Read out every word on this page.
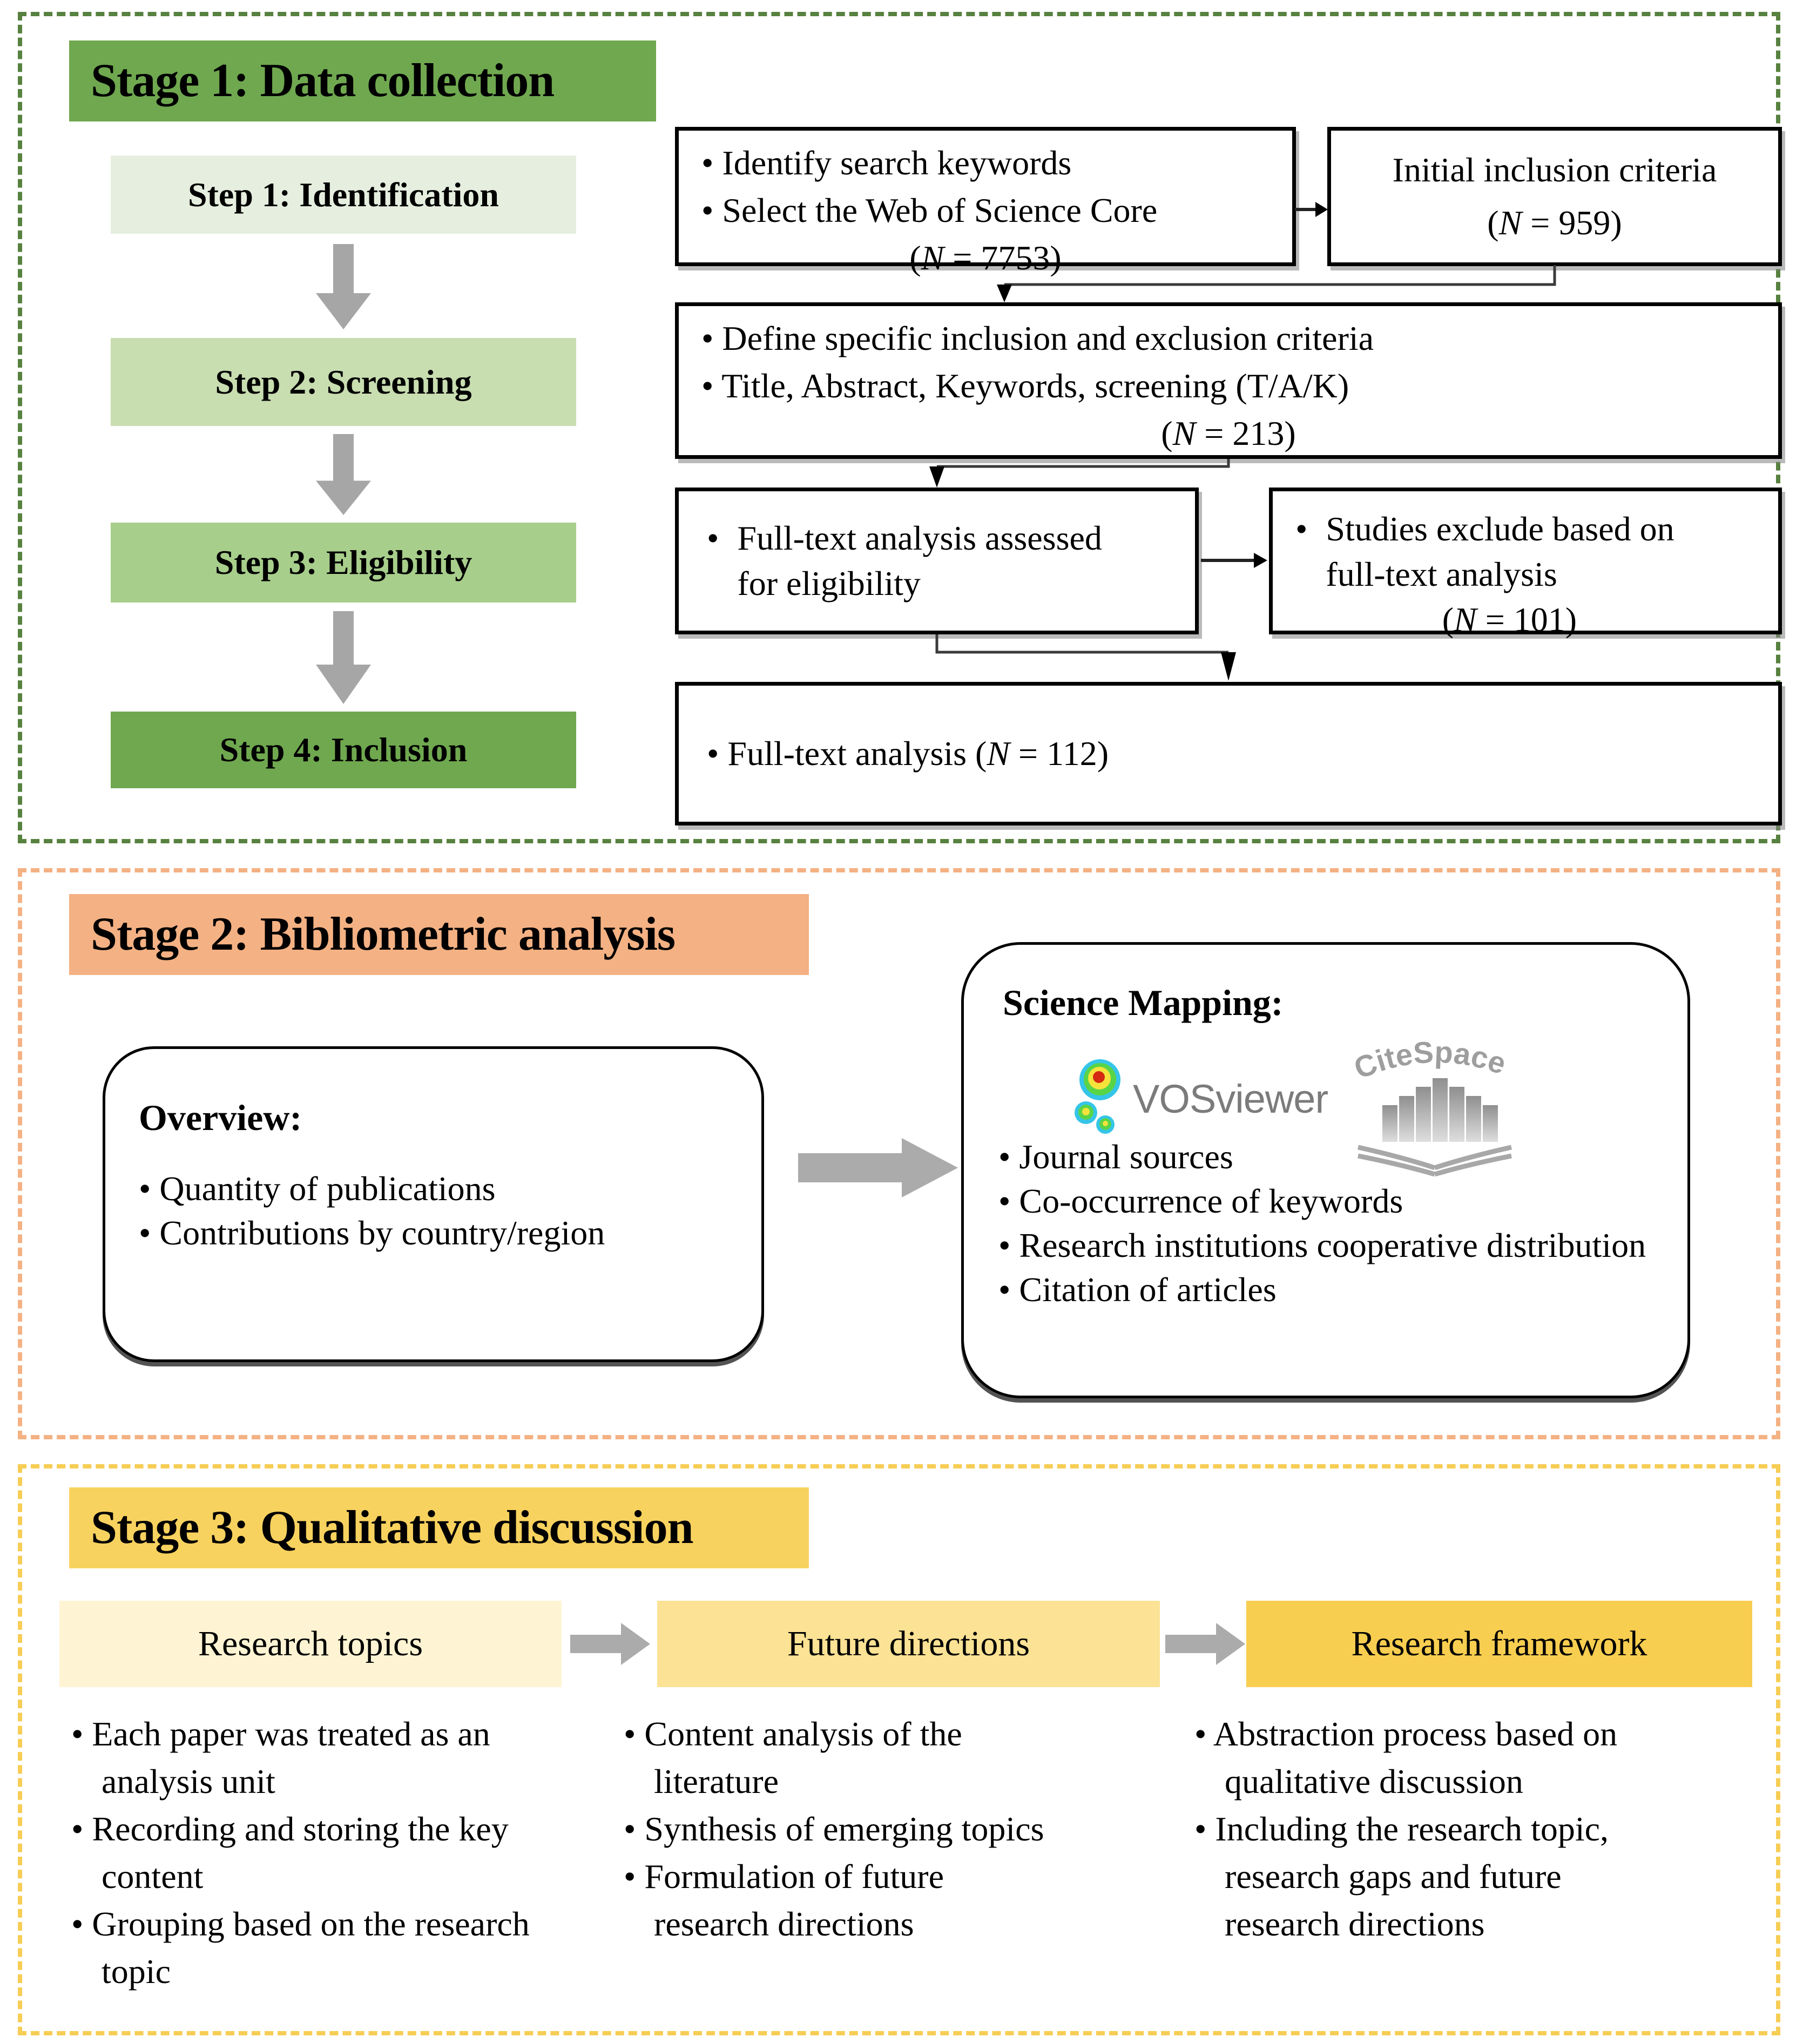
Stage 1: Data collection
Step 1: Identification
Step 2: Screening
Step 3: Eligibility
Step 4: Inclusion
• Identify search keywords
• Select the Web of Science Core
(N = 7753)
Initial inclusion criteria
(N = 959)
• Define specific inclusion and exclusion criteria
• Title, Abstract, Keywords, screening (T/A/K)
(N = 213)
• Full-text analysis assessed for eligibility
• Studies exclude based on full-text analysis
(N = 101)
• Full-text analysis (N = 112)
Stage 2: Bibliometric analysis
Overview:
• Quantity of publications
• Contributions by country/region
Science Mapping:
VOSviewer
CiteSpace
• Journal sources
• Co-occurrence of keywords
• Research institutions cooperative distribution
• Citation of articles
Stage 3: Qualitative discussion
Research topics	Future directions	Research framework
• Each paper was treated as an analysis unit
• Recording and storing the key content
• Grouping based on the research topic
• Content analysis of the literature
• Synthesis of emerging topics
• Formulation of future research directions
• Abstraction process based on qualitative discussion
• Including the research topic, research gaps and future research directions
